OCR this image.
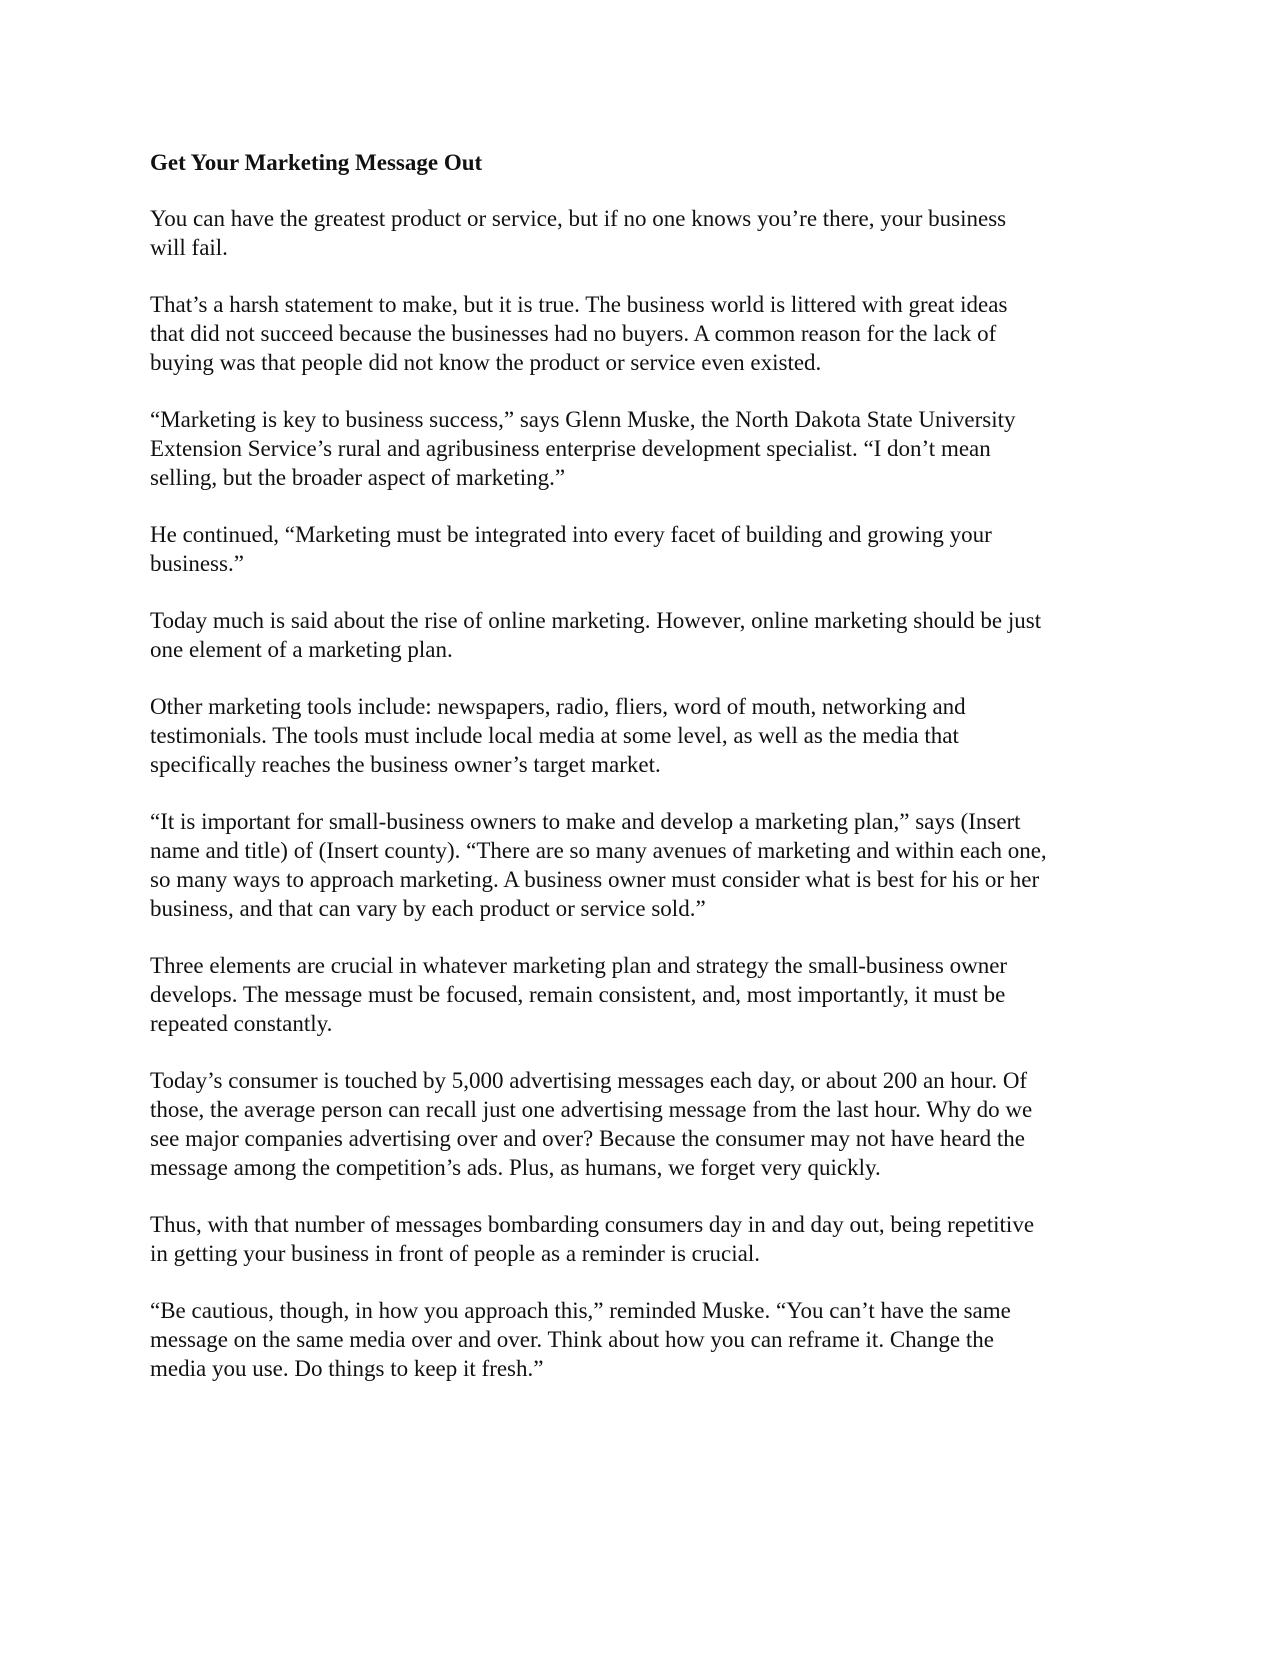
Get Your Marketing Message Out
You can have the greatest product or service, but if no one knows you’re there, your business
will fail.
That’s a harsh statement to make, but it is true. The business world is littered with great ideas
that did not succeed because the businesses had no buyers. A common reason for the lack of
buying was that people did not know the product or service even existed.
“Marketing is key to business success,” says Glenn Muske, the North Dakota State University
Extension Service’s rural and agribusiness enterprise development specialist. “I don’t mean
selling, but the broader aspect of marketing.”
He continued, “Marketing must be integrated into every facet of building and growing your
business.”
Today much is said about the rise of online marketing. However, online marketing should be just
one element of a marketing plan.
Other marketing tools include: newspapers, radio, fliers, word of mouth, networking and
testimonials. The tools must include local media at some level, as well as the media that
specifically reaches the business owner’s target market.
“It is important for small-business owners to make and develop a marketing plan,” says (Insert
name and title) of (Insert county). “There are so many avenues of marketing and within each one,
so many ways to approach marketing. A business owner must consider what is best for his or her
business, and that can vary by each product or service sold.”
Three elements are crucial in whatever marketing plan and strategy the small-business owner
develops. The message must be focused, remain consistent, and, most importantly, it must be
repeated constantly.
Today’s consumer is touched by 5,000 advertising messages each day, or about 200 an hour. Of
those, the average person can recall just one advertising message from the last hour. Why do we
see major companies advertising over and over? Because the consumer may not have heard the
message among the competition’s ads. Plus, as humans, we forget very quickly.
Thus, with that number of messages bombarding consumers day in and day out, being repetitive
in getting your business in front of people as a reminder is crucial.
“Be cautious, though, in how you approach this,” reminded Muske. “You can’t have the same
message on the same media over and over. Think about how you can reframe it. Change the
media you use. Do things to keep it fresh.”
